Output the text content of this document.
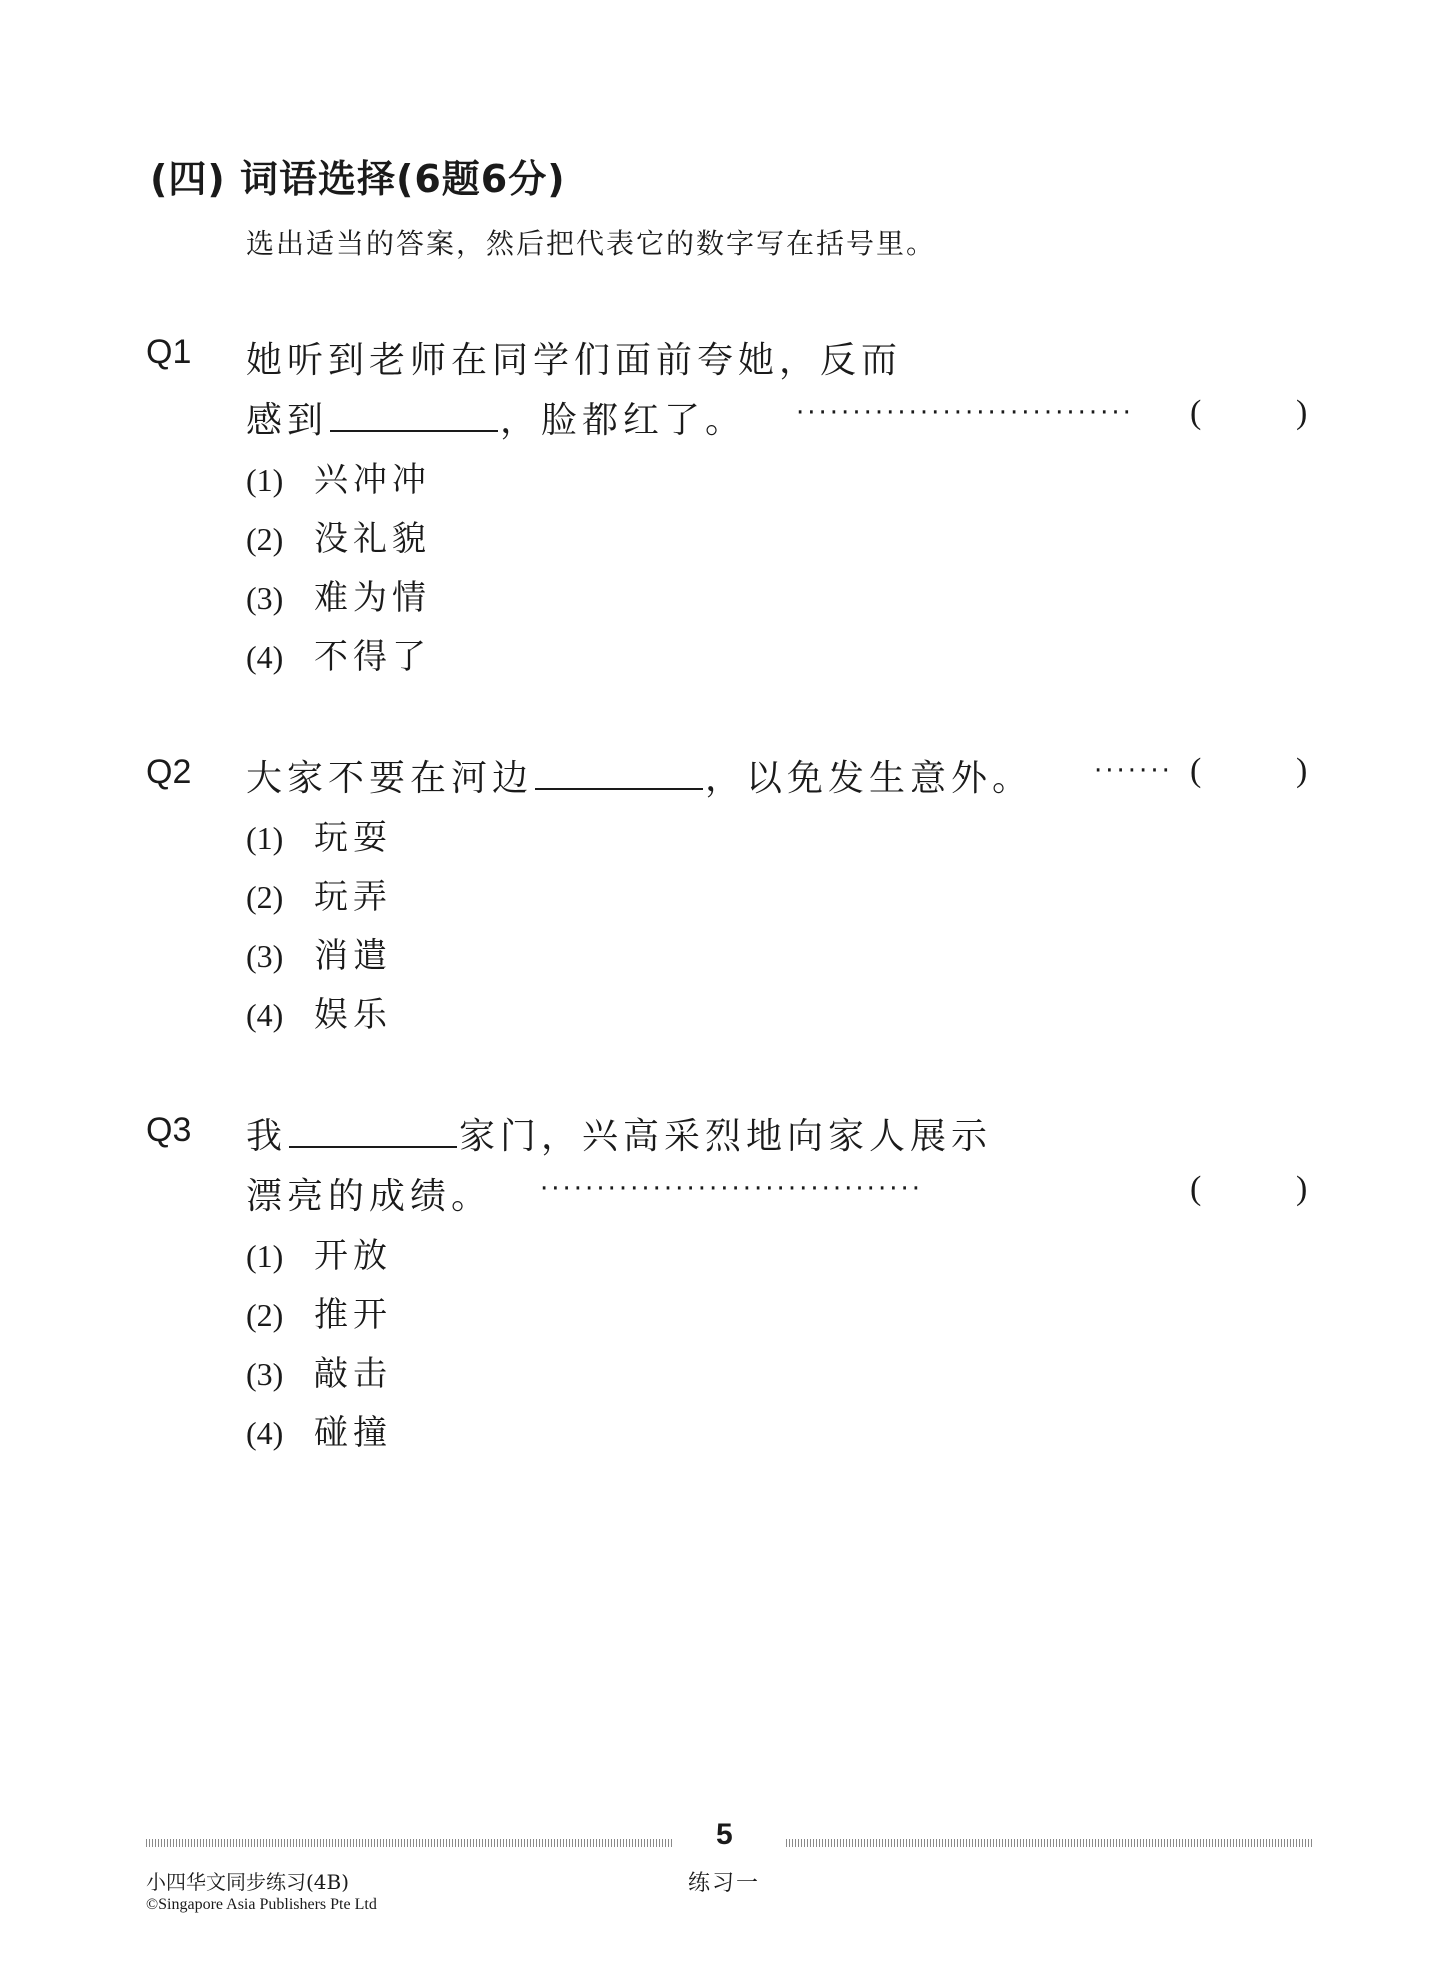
(四) 词语选择(6题6分)
选出适当的答案，然后把代表它的数字写在括号里。
Q1 她听到老师在同学们面前夸她，反而
感到	，脸都红了。 ······························ (	)
(1) 兴冲冲
(2) 没礼貌
(3) 难为情
(4) 不得了
Q2 大家不要在河边	，以免发生意外。 ······· (	)
(1) 玩耍
(2) 玩弄
(3) 消遣
(4) 娱乐
Q3 我	家门，兴高采烈地向家人展示
漂亮的成绩。 ··································	(	)
(1) 开放
(2) 推开
(3) 敲击
(4) 碰撞
5
小四华文同步练习(4B)
©Singapore Asia Publishers Pte Ltd
练习一
